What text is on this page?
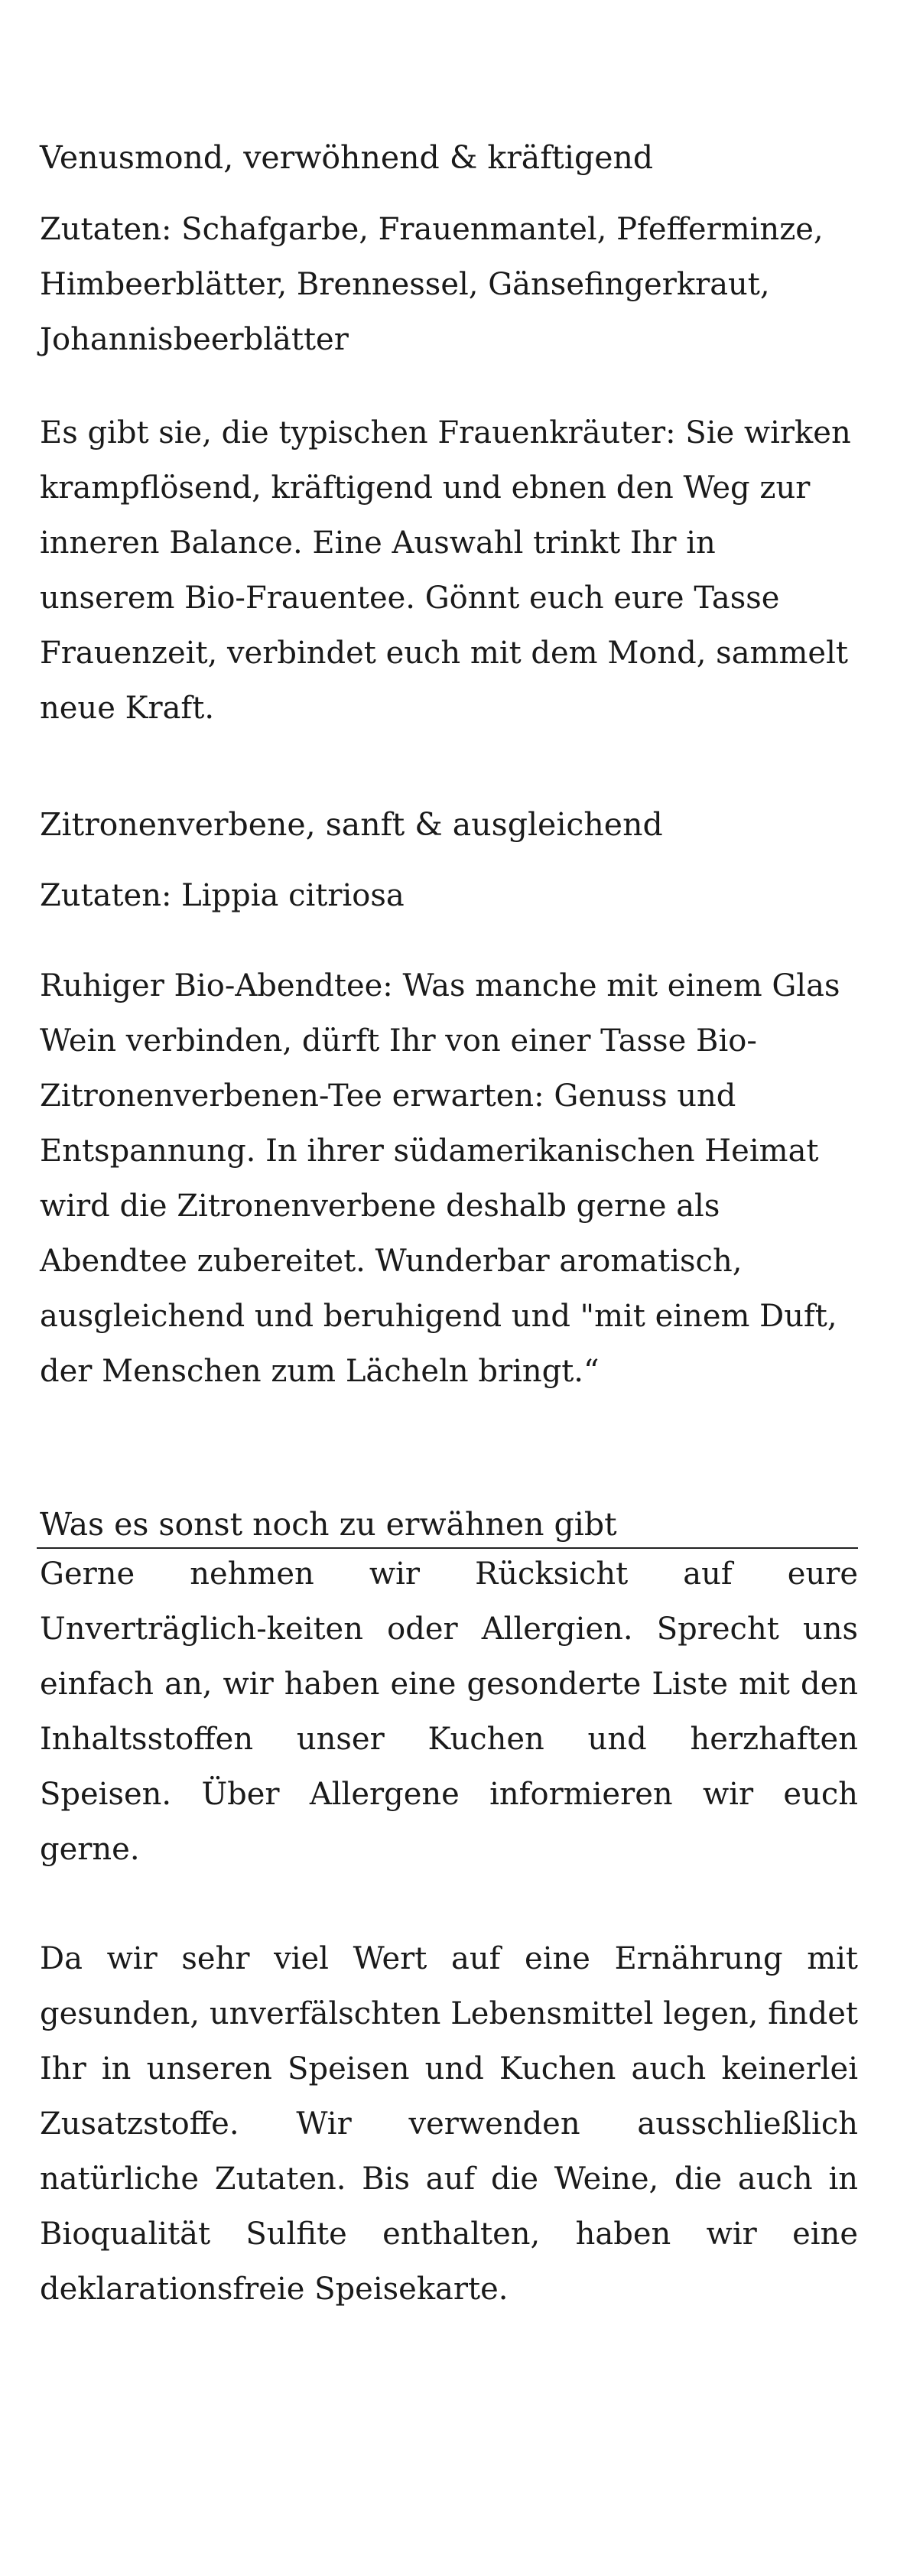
Venusmond, verwöhnend & kräftigend

Zutaten: Schafgarbe, Frauenmantel, Pfefferminze, Himbeerblätter, Brennessel, Gänsefingerkraut, Johannisbeerblätter

Es gibt sie, die typischen Frauenkräuter: Sie wirken krampflösend, kräftigend und ebnen den Weg zur inneren Balance. Eine Auswahl trinkt Ihr in unserem Bio-Frauentee. Gönnt euch eure Tasse Frauenzeit, verbindet euch mit dem Mond, sammelt neue Kraft.

Zitronenverbene, sanft & ausgleichend

Zutaten: Lippia citriosa

Ruhiger Bio-Abendtee: Was manche mit einem Glas Wein verbinden, dürft Ihr von einer Tasse Bio-Zitronenverbenen-Tee erwarten: Genuss und Entspannung. In ihrer südamerikanischen Heimat wird die Zitronenverbene deshalb gerne als Abendtee zubereitet. Wunderbar aromatisch, ausgleichend und beruhigend und "mit einem Duft, der Menschen zum Lächeln bringt.“

Was es sonst noch zu erwähnen gibt

Gerne nehmen wir Rücksicht auf eure Unverträglich-keiten oder Allergien. Sprecht uns einfach an, wir haben eine gesonderte Liste mit den Inhaltsstoffen unser Kuchen und herzhaften Speisen. Über Allergene informieren wir euch gerne.

Da wir sehr viel Wert auf eine Ernährung mit gesunden, unverfälschten Lebensmittel legen, findet Ihr in unseren Speisen und Kuchen auch keinerlei Zusatzstoffe. Wir verwenden ausschließlich natürliche Zutaten. Bis auf die Weine, die auch in Bioqualität Sulfite enthalten, haben wir eine deklarationsfreie Speisekarte.
